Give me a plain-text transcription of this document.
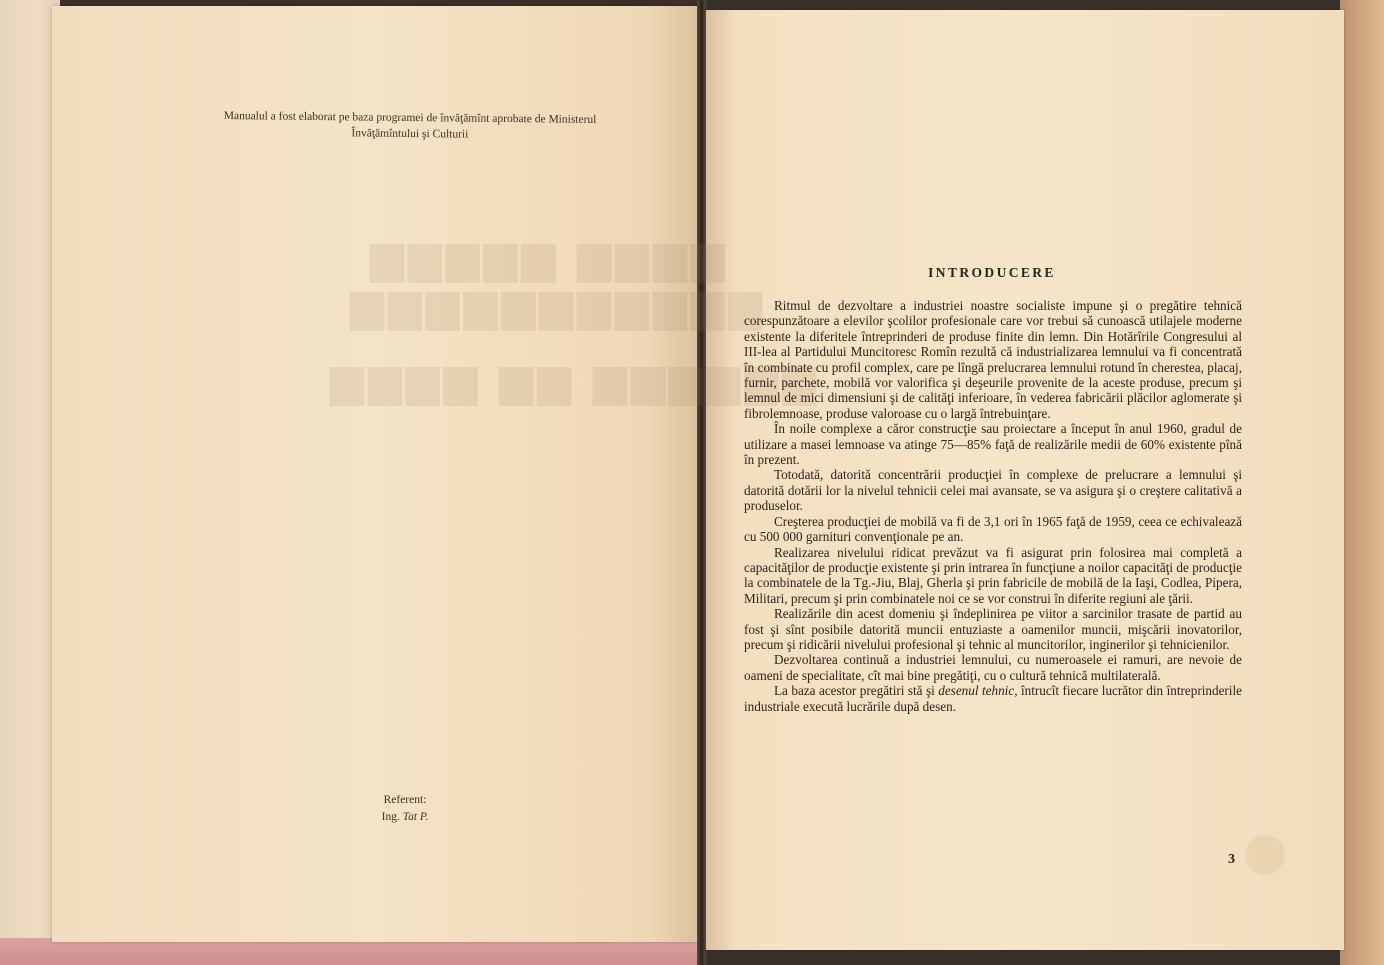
▆▆▆▆▆ ▆▆▆▆
▆▆▆▆▆▆▆▆▆▆▆
▆▆▆▆ ▆▆ ▆▆▆▆▆▆
Manualul a fost elaborat pe baza programei de învăţămînt aprobate de Ministerul Învăţămîntului şi Culturii
Referent:
Ing. Tat P.
INTRODUCERE

Ritmul de dezvoltare a industriei noastre socialiste impune şi o pregătire tehnică corespunzătoare a elevilor şcolilor profesionale care vor trebui să cunoască utilajele moderne existente la diferitele întreprinderi de produse finite din lemn. Din Hotărîrile Congresului al III-lea al Partidului Muncitoresc Romîn rezultă că industrializarea lemnului va fi concentrată în combinate cu profil complex, care pe lîngă prelucrarea lemnului rotund în cherestea, placaj, furnir, parchete, mobilă vor valorifica şi deşeurile provenite de la aceste produse, precum şi lemnul de mici dimensiuni şi de calităţi inferioare, în vederea fabricării plăcilor aglomerate şi fibrolemnoase, produse valoroase cu o largă întrebuinţare.

În noile complexe a căror construcţie sau proiectare a început în anul 1960, gradul de utilizare a masei lemnoase va atinge 75—85% faţă de realizările medii de 60% existente pînă în prezent.

Totodată, datorită concentrării producţiei în complexe de prelucrare a lemnului şi datorită dotării lor la nivelul tehnicii celei mai avansate, se va asigura şi o creştere calitativă a produselor.

Creşterea producţiei de mobilă va fi de 3,1 ori în 1965 faţă de 1959, ceea ce echivalează cu 500 000 garnituri convenţionale pe an.

Realizarea nivelului ridicat prevăzut va fi asigurat prin folosirea mai completă a capacităţilor de producţie existente şi prin intrarea în funcţiune a noilor capacităţi de producţie la combinatele de la Tg.-Jiu, Blaj, Gherla şi prin fabricile de mobilă de la Iaşi, Codlea, Pipera, Militari, precum şi prin combinatele noi ce se vor construi în diferite regiuni ale ţării.

Realizările din acest domeniu şi îndeplinirea pe viitor a sarcinilor trasate de partid au fost şi sînt posibile datorită muncii entuziaste a oamenilor muncii, mişcării inovatorilor, precum şi ridicării nivelului profesional şi tehnic al muncitorilor, inginerilor şi tehnicienilor.

Dezvoltarea continuă a industriei lemnului, cu numeroasele ei ramuri, are nevoie de oameni de specialitate, cît mai bine pregătiţi, cu o cultură tehnică multilaterală.

La baza acestor pregătiri stă şi desenul tehnic, întrucît fiecare lucrător din întreprinderile industriale execută lucrările după desen.

3
